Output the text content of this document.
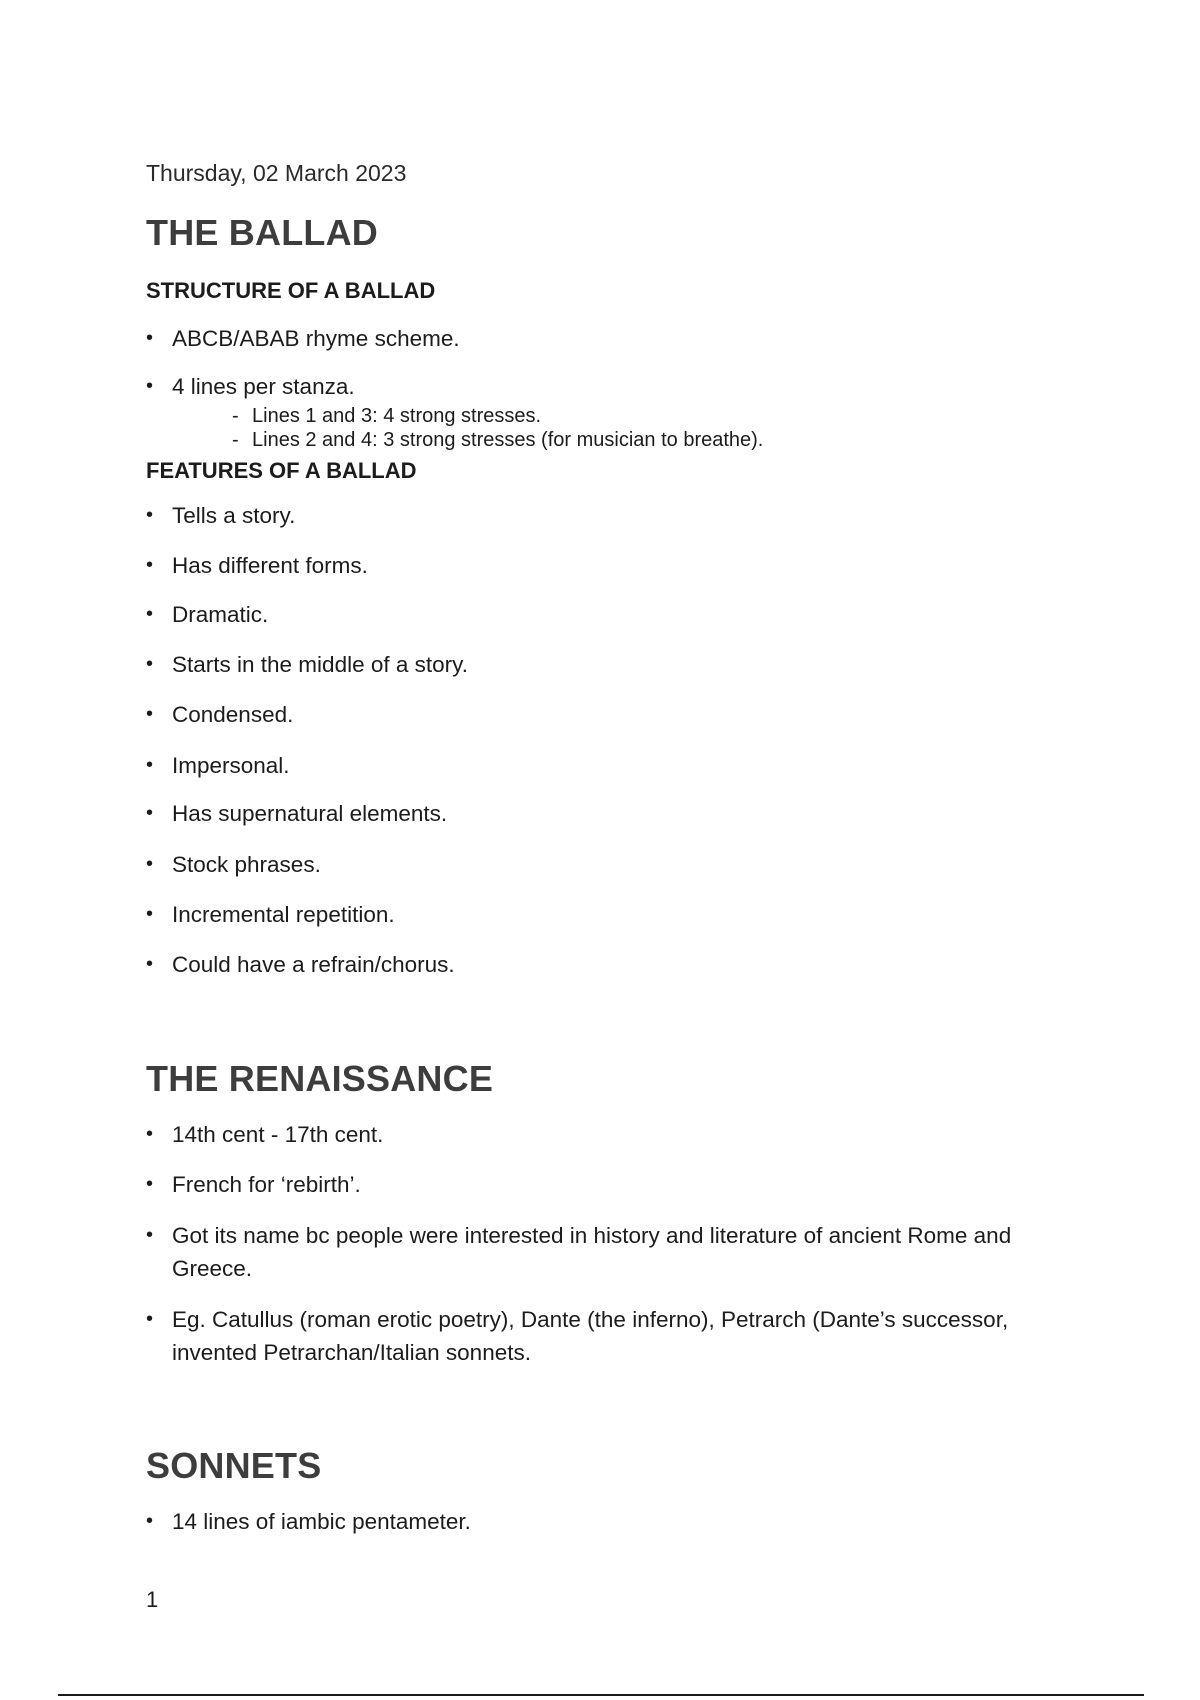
Thursday, 02 March 2023
THE BALLAD
STRUCTURE OF A BALLAD
• ABCB/ABAB rhyme scheme.
• 4 lines per stanza.
- Lines 1 and 3: 4 strong stresses.
- Lines 2 and 4: 3 strong stresses (for musician to breathe).
FEATURES OF A BALLAD
• Tells a story.
• Has different forms.
• Dramatic.
• Starts in the middle of a story.
• Condensed.
• Impersonal.
• Has supernatural elements.
• Stock phrases.
• Incremental repetition.
• Could have a refrain/chorus.
THE RENAISSANCE
• 14th cent - 17th cent.
• French for ‘rebirth’.
• Got its name bc people were interested in history and literature of ancient Rome and Greece.
• Eg. Catullus (roman erotic poetry), Dante (the inferno), Petrarch (Dante’s successor, invented Petrarchan/Italian sonnets.
SONNETS
• 14 lines of iambic pentameter.
1
